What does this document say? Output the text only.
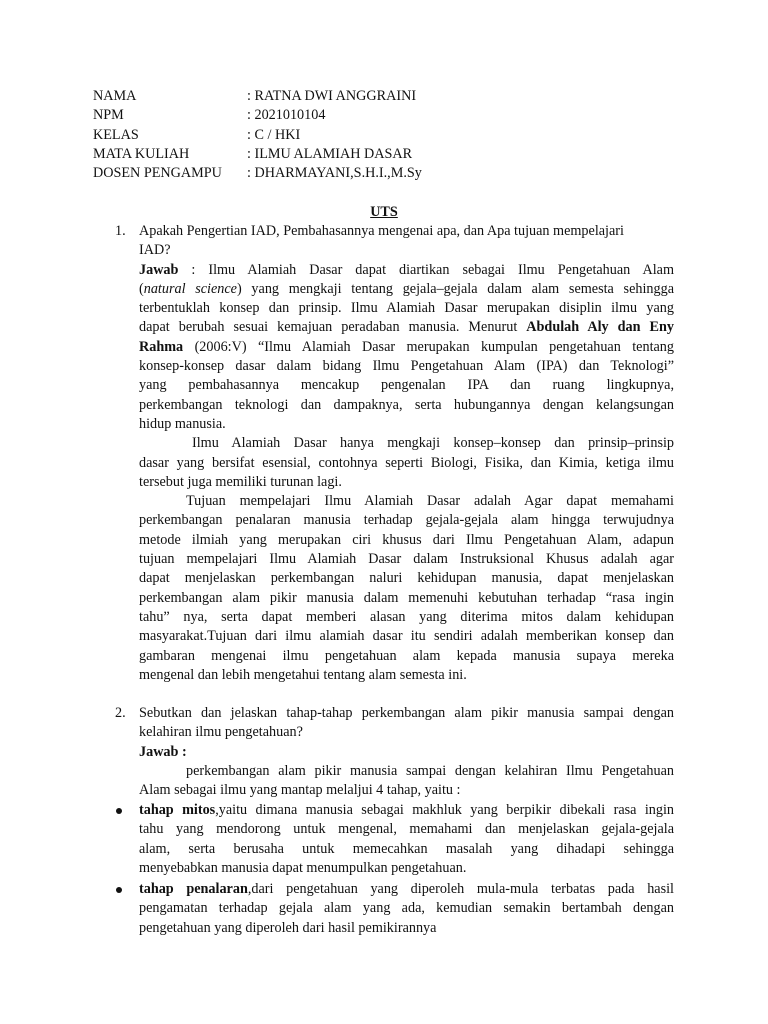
NAMA	: RATNA DWI ANGGRAINI
NPM	: 2021010104
KELAS	: C / HKI
MATA KULIAH	: ILMU ALAMIAH DASAR
DOSEN PENGAMPU	: DHARMAYANI,S.H.I.,M.Sy
UTS
1. Apakah Pengertian IAD, Pembahasannya mengenai apa, dan Apa tujuan mempelajari
IAD?
Jawab : Ilmu Alamiah Dasar dapat diartikan sebagai Ilmu Pengetahuan Alam
(natural science) yang mengkaji tentang gejala–gejala dalam alam semesta sehingga
terbentuklah konsep dan prinsip. Ilmu Alamiah Dasar merupakan disiplin ilmu yang
dapat berubah sesuai kemajuan peradaban manusia. Menurut Abdulah Aly dan Eny
Rahma (2006:V) “Ilmu Alamiah Dasar merupakan kumpulan pengetahuan tentang
konsep-konsep dasar dalam bidang Ilmu Pengetahuan Alam (IPA) dan Teknologi”
yang pembahasannya mencakup pengenalan IPA dan ruang lingkupnya,
perkembangan teknologi dan dampaknya, serta hubungannya dengan kelangsungan
hidup manusia.
Ilmu Alamiah Dasar hanya mengkaji konsep–konsep dan prinsip–prinsip
dasar yang bersifat esensial, contohnya seperti Biologi, Fisika, dan Kimia, ketiga ilmu
tersebut juga memiliki turunan lagi.
Tujuan mempelajari Ilmu Alamiah Dasar adalah Agar dapat memahami
perkembangan penalaran manusia terhadap gejala-gejala alam hingga terwujudnya
metode ilmiah yang merupakan ciri khusus dari Ilmu Pengetahuan Alam, adapun
tujuan mempelajari Ilmu Alamiah Dasar dalam Instruksional Khusus adalah agar
dapat menjelaskan perkembangan naluri kehidupan manusia, dapat menjelaskan
perkembangan alam pikir manusia dalam memenuhi kebutuhan terhadap “rasa ingin
tahu” nya, serta dapat memberi alasan yang diterima mitos dalam kehidupan
masyarakat.Tujuan dari ilmu alamiah dasar itu sendiri adalah memberikan konsep dan
gambaran mengenai ilmu pengetahuan alam kepada manusia supaya mereka
mengenal dan lebih mengetahui tentang alam semesta ini.
2. Sebutkan dan jelaskan tahap-tahap perkembangan alam pikir manusia sampai dengan
kelahiran ilmu pengetahuan?
Jawab :
perkembangan alam pikir manusia sampai dengan kelahiran Ilmu Pengetahuan
Alam sebagai ilmu yang mantap melaljui 4 tahap, yaitu :
tahap mitos,yaitu dimana manusia sebagai makhluk yang berpikir dibekali rasa ingin
tahu yang mendorong untuk mengenal, memahami dan menjelaskan gejala-gejala
alam, serta berusaha untuk memecahkan masalah yang dihadapi sehingga
menyebabkan manusia dapat menumpulkan pengetahuan.
tahap penalaran,dari pengetahuan yang diperoleh mula-mula terbatas pada hasil
pengamatan terhadap gejala alam yang ada, kemudian semakin bertambah dengan
pengetahuan yang diperoleh dari hasil pemikirannya
